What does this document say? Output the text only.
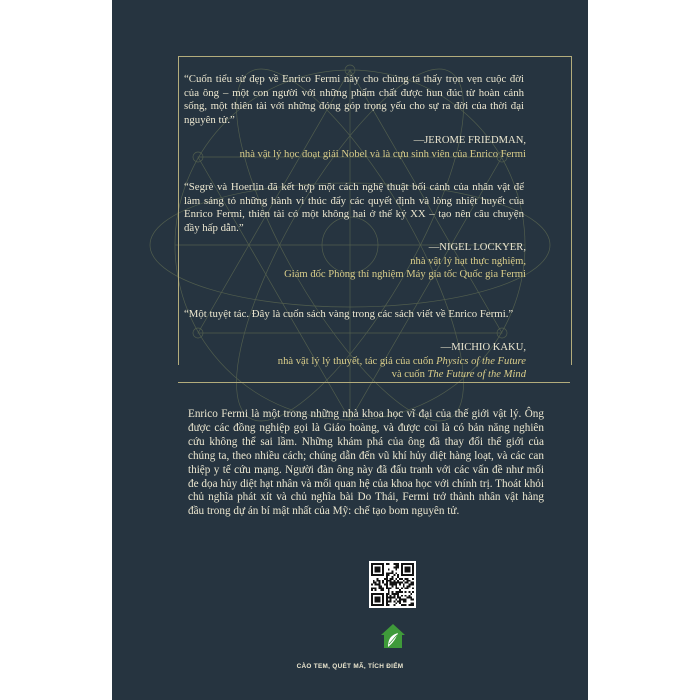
“Cuốn tiểu sử đẹp về Enrico Fermi này cho chúng ta thấy trọn vẹn cuộc đời của ông – một con người với những phẩm chất được hun đúc từ hoàn cảnh sống, một thiên tài với những đóng góp trọng yếu cho sự ra đời của thời đại nguyên tử.”

—JEROME FRIEDMAN,
nhà vật lý học đoạt giải Nobel và là cựu sinh viên của Enrico Fermi

“Segrè và Hoerlin đã kết hợp một cách nghệ thuật bối cảnh của nhân vật để làm sáng tỏ những hành vi thúc đẩy các quyết định và lòng nhiệt huyết của Enrico Fermi, thiên tài có một không hai ở thế kỷ XX – tạo nên câu chuyện đầy hấp dẫn.”

—NIGEL LOCKYER,
nhà vật lý hạt thực nghiệm,
Giám đốc Phòng thí nghiệm Máy gia tốc Quốc gia Fermi

“Một tuyệt tác. Đây là cuốn sách vàng trong các sách viết về Enrico Fermi.”

—MICHIO KAKU,
nhà vật lý lý thuyết, tác giả của cuốn Physics of the Future
và cuốn The Future of the Mind

Enrico Fermi là một trong những nhà khoa học vĩ đại của thế giới vật lý. Ông được các đồng nghiệp gọi là Giáo hoàng, và được coi là có bản năng nghiên cứu không thể sai lầm. Những khám phá của ông đã thay đổi thế giới của chúng ta, theo nhiều cách; chúng dẫn đến vũ khí hủy diệt hàng loạt, và các can thiệp y tế cứu mạng. Người đàn ông này đã đấu tranh với các vấn đề như mối đe dọa hủy diệt hạt nhân và mối quan hệ của khoa học với chính trị. Thoát khỏi chủ nghĩa phát xít và chủ nghĩa bài Do Thái, Fermi trở thành nhân vật hàng đầu trong dự án bí mật nhất của Mỹ: chế tạo bom nguyên tử.

CÀO TEM, QUÉT MÃ, TÍCH ĐIỂM
